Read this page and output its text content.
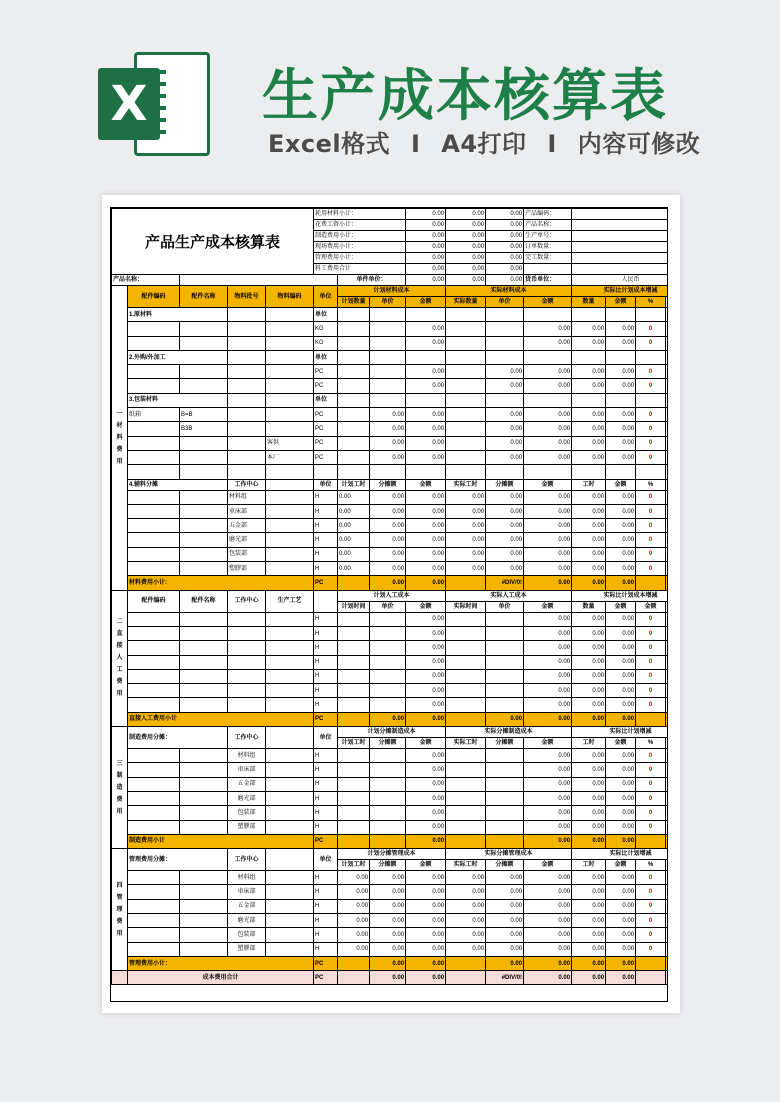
X 生产成本核算表
Excel格式 Ⅰ A4打印 Ⅰ 内容可修改
产品生产成本核算表					耗用材料小计：			0.00	0.00	0.00	产品编码：				
					花费工资小计：			0.00	0.00	0.00	产品名称：				
					制造费用小计：			0.00	0.00	0.00	生产单号：				
					现场费用小计：			0.00	0.00	0.00	订单数量：				
					管理费用小计：			0.00	0.00	0.00	完工数量：				
					料工费用合计			0.00	0.00	0.00					
产品名称：						单件单价：		0.00	0.00	0.00	货币单位：	人民币			
一 材 料 费 用	配件编码	配件名称	物料批号	物料编码	单位	计划材料成本			实际材料成本			实际比计划成本增减			
						计划数量	单价	金额	实际数量	单价	金额	数量	金额	%	
	1.原材料				单位										
					KG			0.00			0.00	0.00	0.00	0	
					KG			0.00			0.00	0.00	0.00	0	
	2.外购/外加工				单位										
					PC			0.00		0.00	0.00	0.00	0.00	0	
					PC			0.00		0.00	0.00	0.00	0.00	0	
	3.包装材料				单位										
	纸箱	B=B			PC		0.00	0.00		0.00	0.00	0.00	0.00	0	
		B3B			PC		0.00	0.00		0.00	0.00	0.00	0.00	0	
				客供	PC		0.00	0.00		0.00	0.00	0.00	0.00	0	
				本厂	PC		0.00	0.00		0.00	0.00	0.00	0.00	0	

	4.辅料分摊		工作中心		单位	计划工时	分摊额	金额	实际工时	分摊额	金额	工时	金额	%	
			材料组		H	0.00	0.00	0.00	0.00	0.00	0.00	0.00	0.00	0	
			車床部		H	0.00	0.00	0.00	0.00	0.00	0.00	0.00	0.00	0	
			五金部		H	0.00	0.00	0.00	0.00	0.00	0.00	0.00	0.00	0	
			磨光部		H	0.00	0.00	0.00	0.00	0.00	0.00	0.00	0.00	0	
			包装部		H	0.00	0.00	0.00	0.00	0.00	0.00	0.00	0.00	0	
			塑膠部		H	0.00	0.00	0.00	0.00	0.00	0.00	0.00	0.00	0	
	材料费用小计:				PC		0.00	0.00		#DIV/0!	0.00	0.00	0.00		
二 直 接 人 工 费 用	配件编码	配件名称	工作中心	生产工艺		计划人工成本			实际人工成本			实际比计划成本增减			
						计划时间	单价	金额	实际时间	单价	金额	数量	金额	金额	
					H			0.00			0.00	0.00	0.00	0	
					H			0.00			0.00	0.00	0.00	0	
					H			0.00			0.00	0.00	0.00	0	
					H			0.00			0.00	0.00	0.00	0	
					H			0.00			0.00	0.00	0.00	0	
					H			0.00			0.00	0.00	0.00	0	
					H			0.00			0.00	0.00	0.00	0	
	直接人工费用小计				PC		0.00	0.00		0.00	0.00	0.00	0.00		
三 制 造 费 用	制造费用分摊：		工作中心		单位	计划分摊制造成本			实际分摊制造成本			实际比计划增减			
						计划工时	分摊额	金额	实际工时	分摊额	金额	工时	金额	%	
			材料组		H			0.00			0.00	0.00	0.00	0	
			車床部		H			0.00			0.00	0.00	0.00	0	
			五金部		H			0.00			0.00	0.00	0.00	0	
			磨光部		H			0.00			0.00	0.00	0.00	0	
			包装部		H			0.00			0.00	0.00	0.00	0	
			塑膠部		H			0.00			0.00	0.00	0.00	0	
	制造费用小计				PC			0.00			0.00	0.00	0.00		
四 管 理 费 用	管理费用分摊：		工作中心		单位	计划分摊管理成本			实际分摊管理成本			实际比计划增减			
						计划工时	分摊额	金额	实际工时	分摊额	金额	工时	金额	%	
			材料组		H	0.00	0.00	0.00	0.00	0.00	0.00	0.00	0.00	0	
			車床部		H	0.00	0.00	0.00	0.00	0.00	0.00	0.00	0.00	0	
			五金部		H	0.00	0.00	0.00	0.00	0.00	0.00	0.00	0.00	0	
			磨光部		H	0.00	0.00	0.00	0.00	0.00	0.00	0.00	0.00	0	
			包装部		H	0.00	0.00	0.00	0.00	0.00	0.00	0.00	0.00	0	
			塑膠部		H	0.00	0.00	0.00	0.00	0.00	0.00	0.00	0.00	0	
	管理费用小计：				PC		0.00	0.00		0.00	0.00	0.00	0.00		
	成本费用合计				PC		0.00	0.00		#DIV/0!	0.00	0.00	0.00		
